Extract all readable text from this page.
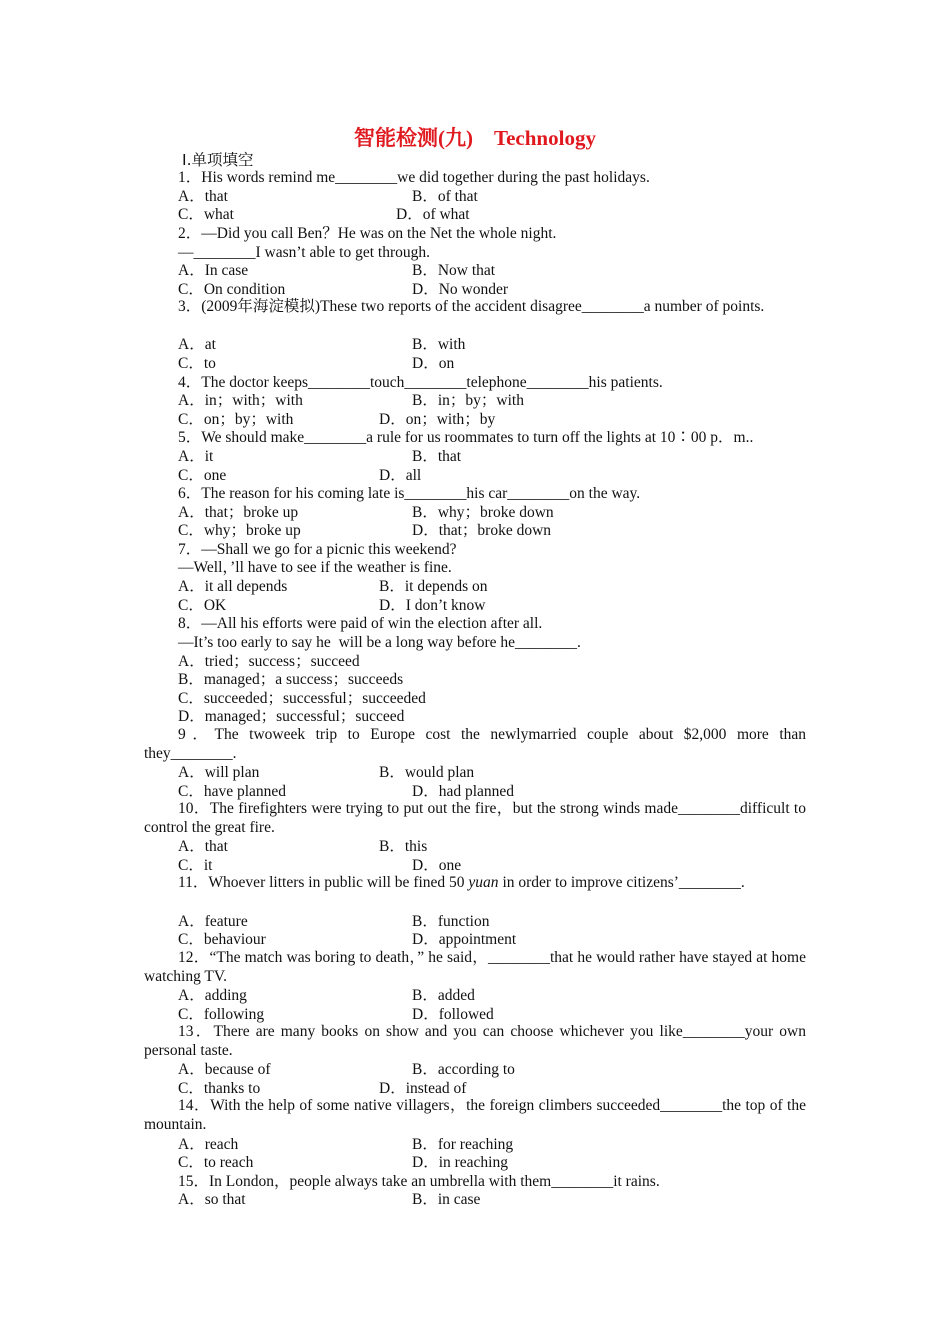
智能检测(九)　Technology
Ⅰ.单项填空
1．His words remind me________we did together during the past holidays.
A．that	B．of that
C．what	D．of what
2．—Did you call Ben？He was on the Net the whole night.
—________I wasn’t able to get through.
A．In case	B．Now that
C．On condition	D．No wonder
3．(2009年海淀模拟)These two reports of the accident disagree________a number of points.
A．at	B．with
C．to	D．on
4．The doctor keeps________touch________telephone________his patients.
A．in；with；with	B．in；by；with
C．on；by；with	D．on；with；by
5．We should make________a rule for us roommates to turn off the lights at 10∶00 p．m..
A．it	B．that
C．one	D．all
6．The reason for his coming late is________his car________on the way.
A．that；broke up	B．why；broke down
C．why；broke up	D．that；broke down
7．—Shall we go for a picnic this weekend?
—Well，’ll have to see if the weather is fine.
A．it all depends	B．it depends on
C．OK	D．I don’t know
8．—All his efforts were paid of win the election after all.
—It’s too early to say he  will be a long way before he________.
A．tried；success；succeed
B．managed；a success；succeeds
C．succeeded；successful；succeeded
D．managed；successful；succeed
9．The twoweek trip to Europe cost the newlymarried couple about $2,000 more than they________.
A．will plan	B．would plan
C．have planned	D．had planned
10．The firefighters were trying to put out the fire，but the strong winds made________difficult to control the great fire.
A．that	B．this
C．it	D．one
11．Whoever litters in public will be fined 50 yuan in order to improve citizens’________.
A．feature	B．function
C．behaviour	D．appointment
12．“The match was boring to death，” he said，________that he would rather have stayed at home watching TV.
A．adding	B．added
C．following	D．followed
13．There are many books on show and you can choose whichever you like________your own personal taste.
A．because of	B．according to
C．thanks to	D．instead of
14．With the help of some native villagers，the foreign climbers succeeded________the top of the mountain.
A．reach	B．for reaching
C．to reach	D．in reaching
15．In London，people always take an umbrella with them________it rains.
A．so that	B．in case
